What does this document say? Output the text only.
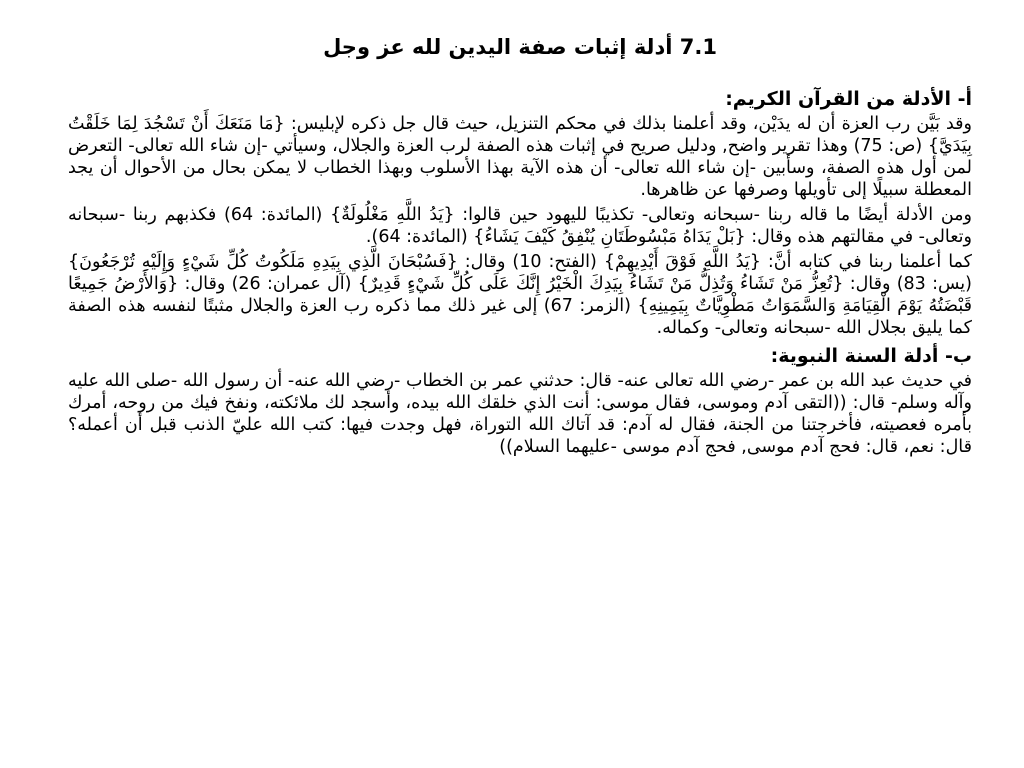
7.1 أدلة إثبات صفة اليدين لله عز وجل
أ- الأدلة من القرآن الكريم:

وقد بَيَّن رب العزة أن له يدَيْن، وقد أعلمنا بذلك في محكم التنزيل، حيث قال جل ذكره لإبليس: {مَا مَنَعَكَ أَنْ تَسْجُدَ لِمَا خَلَقْتُ بِيَدَيَّ} (ص: 75) وهذا تقرير واضح, ودليل صريح في إثبات هذه الصفة لرب العزة والجلال، وسيأتي -إن شاء الله تعالى- التعرض لمن أول هذه الصفة، وسأبين -إن شاء الله تعالى- أن هذه الآية بهذا الأسلوب وبهذا الخطاب لا يمكن بحال من الأحوال أن يجد المعطلة سبيلًا إلى تأويلها وصرفها عن ظاهرها.

ومن الأدلة أيضًا ما قاله ربنا -سبحانه وتعالى- تكذيبًا لليهود حين قالوا: {يَدُ اللَّهِ مَغْلُولَةٌ} (المائدة: 64) فكذبهم ربنا -سبحانه وتعالى- في مقالتهم هذه وقال: {بَلْ يَدَاهُ مَبْسُوطَتَانِ يُنْفِقُ كَيْفَ يَشَاءُ} (المائدة: 64).

كما أعلمنا ربنا في كتابه أنَّ: {يَدُ اللَّهِ فَوْقَ أَيْدِيهِمْ} (الفتح: 10) وقال: {فَسُبْحَانَ الَّذِي بِيَدِهِ مَلَكُوتُ كُلِّ شَيْءٍ وَإِلَيْهِ تُرْجَعُونَ} (يس: 83) وقال: {تُعِزُّ مَنْ تَشَاءُ وَتُذِلُّ مَنْ تَشَاءُ بِيَدِكَ الْخَيْرُ إِنَّكَ عَلَى كُلِّ شَيْءٍ قَدِيرٌ} (آل عمران: 26) وقال: {وَالأَرْضُ جَمِيعًا قَبْضَتُهُ يَوْمَ الْقِيَامَةِ وَالسَّمَوَاتُ مَطْوِيَّاتٌ بِيَمِينِهِ} (الزمر: 67) إلى غير ذلك مما ذكره رب العزة والجلال مثبتًا لنفسه هذه الصفة كما يليق بجلال الله -سبحانه وتعالى- وكماله.

ب- أدلة السنة النبوية:

في حديث عبد الله بن عمر -رضي الله تعالى عنه- قال: حدثني عمر بن الخطاب -رضي الله عنه- أن رسول الله -صلى الله عليه وآله وسلم- قال: ((التقى آدم وموسى، فقال موسى: أنت الذي خلقك الله بيده، وأسجد لك ملائكته، ونفخ فيك من روحه، أمرك بأمره فعصيته، فأخرجتنا من الجنة، فقال له آدم: قد آتاك الله التوراة، فهل وجدت فيها: كتب الله عليّ الذنب قبل أن أعمله؟ قال: نعم، قال: فحج آدم موسى, فحج آدم موسى -عليهما السلام))
